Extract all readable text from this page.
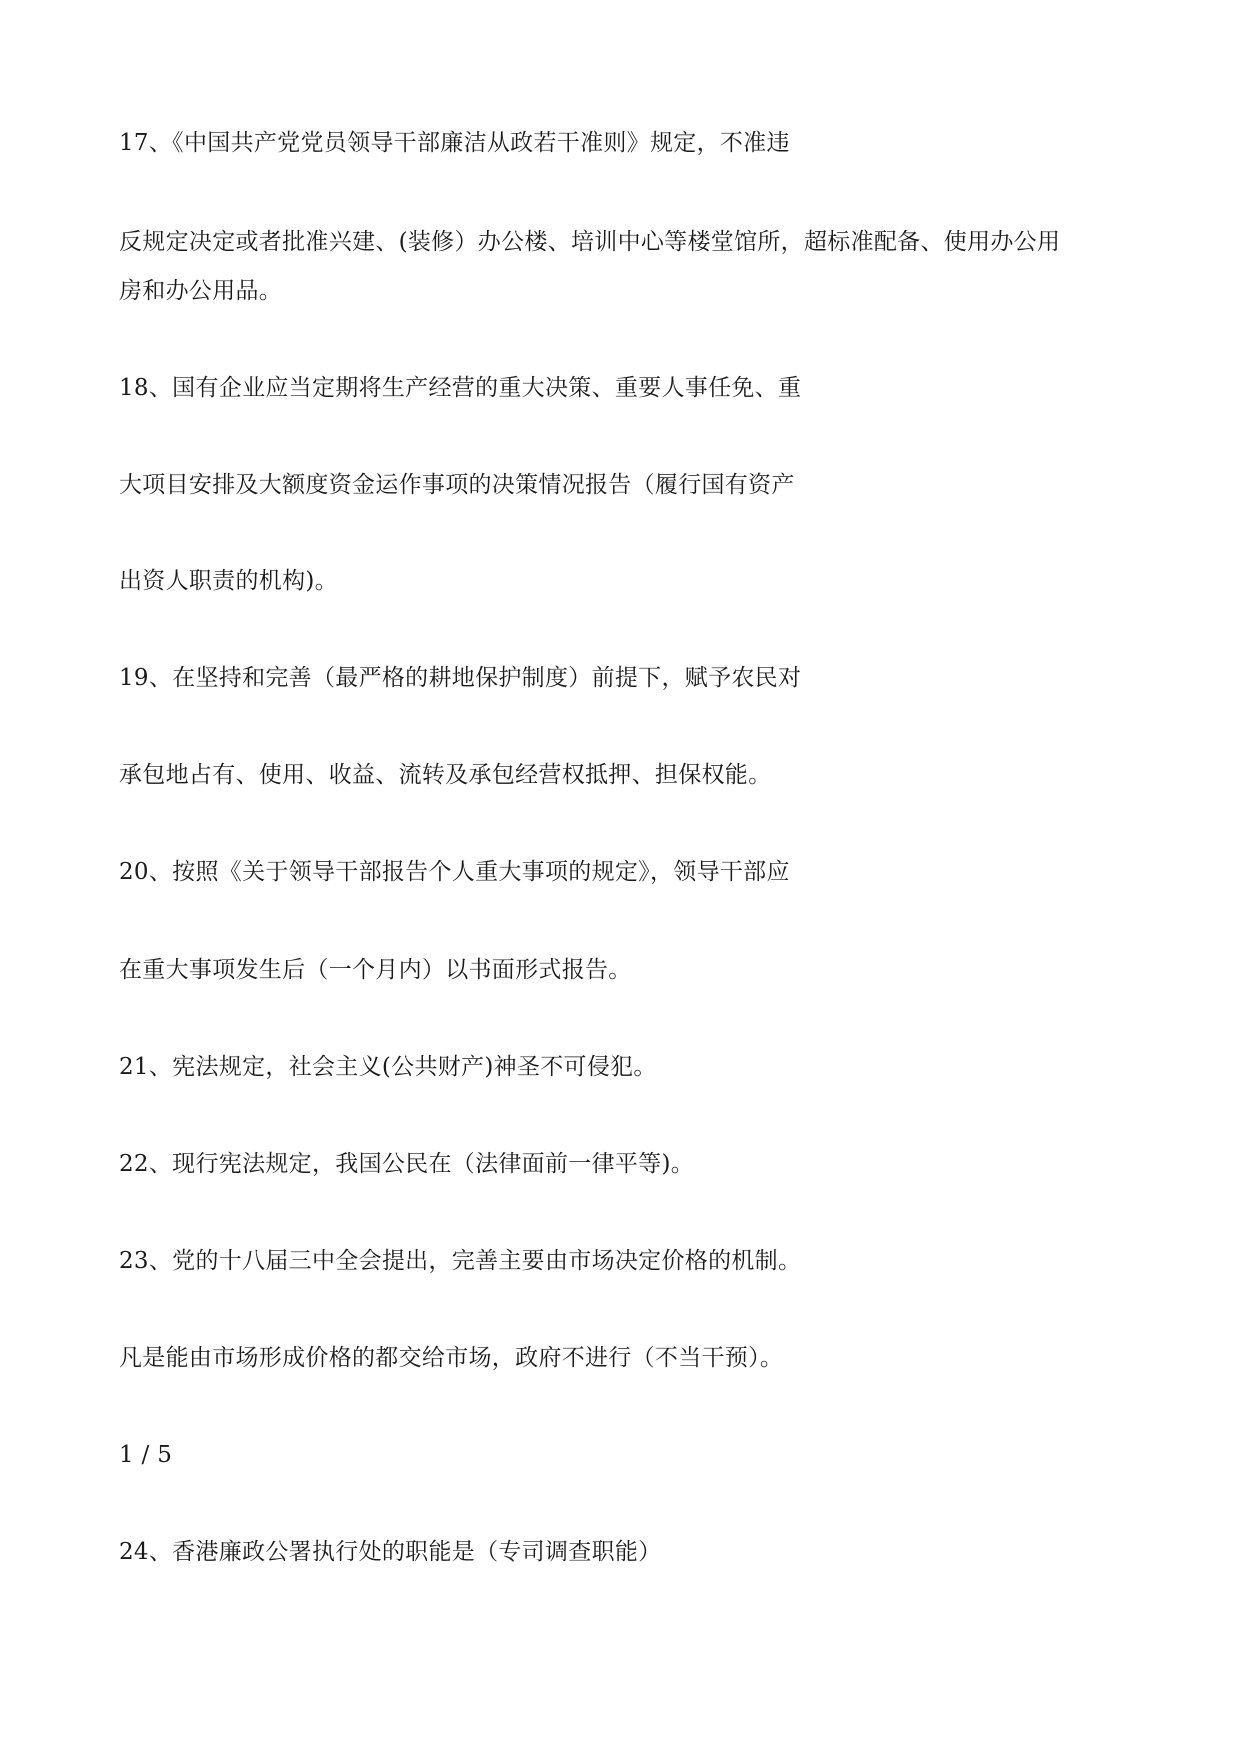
17、《中国共产党党员领导干部廉洁从政若干准则》规定，不准违
反规定决定或者批准兴建、(装修）办公楼、培训中心等楼堂馆所，超标准配备、使用办公用
房和办公用品。
18、国有企业应当定期将生产经营的重大决策、重要人事任免、重
大项目安排及大额度资金运作事项的决策情况报告（履行国有资产
出资人职责的机构)。
19、在坚持和完善（最严格的耕地保护制度）前提下，赋予农民对
承包地占有、使用、收益、流转及承包经营权抵押、担保权能。
20、按照《关于领导干部报告个人重大事项的规定》，领导干部应
在重大事项发生后（一个月内）以书面形式报告。
21、宪法规定，社会主义(公共财产)神圣不可侵犯。
22、现行宪法规定，我国公民在（法律面前一律平等)。
23、党的十八届三中全会提出，完善主要由市场决定价格的机制。
凡是能由市场形成价格的都交给市场，政府不进行（不当干预）。
1 / 5
24、香港廉政公署执行处的职能是（专司调查职能）
